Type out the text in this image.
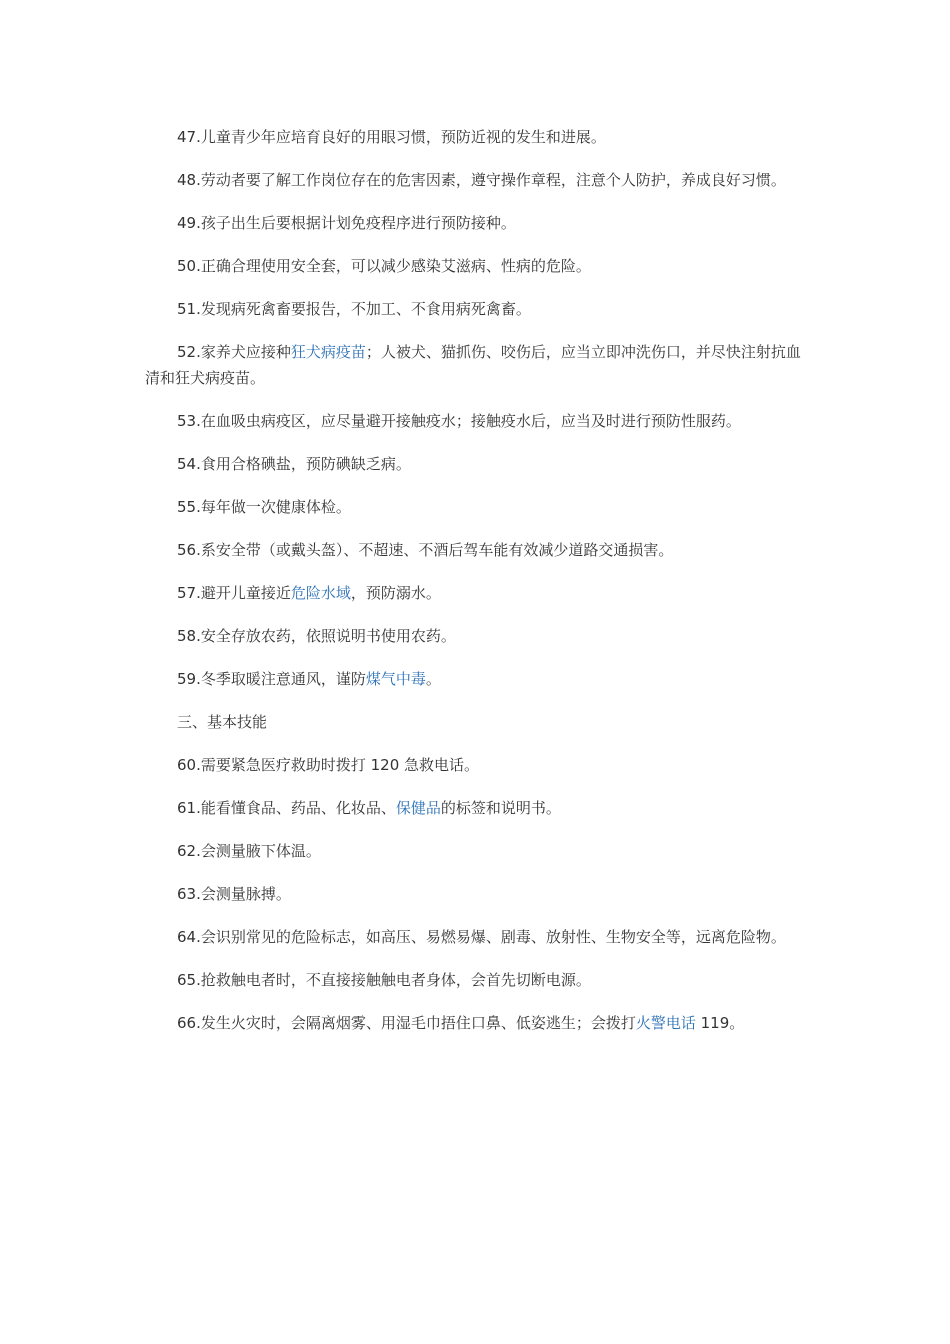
47.儿童青少年应培育良好的用眼习惯，预防近视的发生和进展。

48.劳动者要了解工作岗位存在的危害因素，遵守操作章程，注意个人防护，养成良好习惯。

49.孩子出生后要根据计划免疫程序进行预防接种。

50.正确合理使用安全套，可以减少感染艾滋病、性病的危险。

51.发现病死禽畜要报告，不加工、不食用病死禽畜。

52.家养犬应接种狂犬病疫苗；人被犬、猫抓伤、咬伤后，应当立即冲洗伤口，并尽快注射抗血清和狂犬病疫苗。

53.在血吸虫病疫区，应尽量避开接触疫水；接触疫水后，应当及时进行预防性服药。

54.食用合格碘盐，预防碘缺乏病。

55.每年做一次健康体检。

56.系安全带（或戴头盔）、不超速、不酒后驾车能有效减少道路交通损害。

57.避开儿童接近危险水域，预防溺水。

58.安全存放农药，依照说明书使用农药。

59.冬季取暖注意通风，谨防煤气中毒。

三、基本技能

60.需要紧急医疗救助时拨打 120 急救电话。

61.能看懂食品、药品、化妆品、保健品的标签和说明书。

62.会测量腋下体温。

63.会测量脉搏。

64.会识别常见的危险标志，如高压、易燃易爆、剧毒、放射性、生物安全等，远离危险物。

65.抢救触电者时，不直接接触触电者身体，会首先切断电源。

66.发生火灾时，会隔离烟雾、用湿毛巾捂住口鼻、低姿逃生；会拨打火警电话 119。
